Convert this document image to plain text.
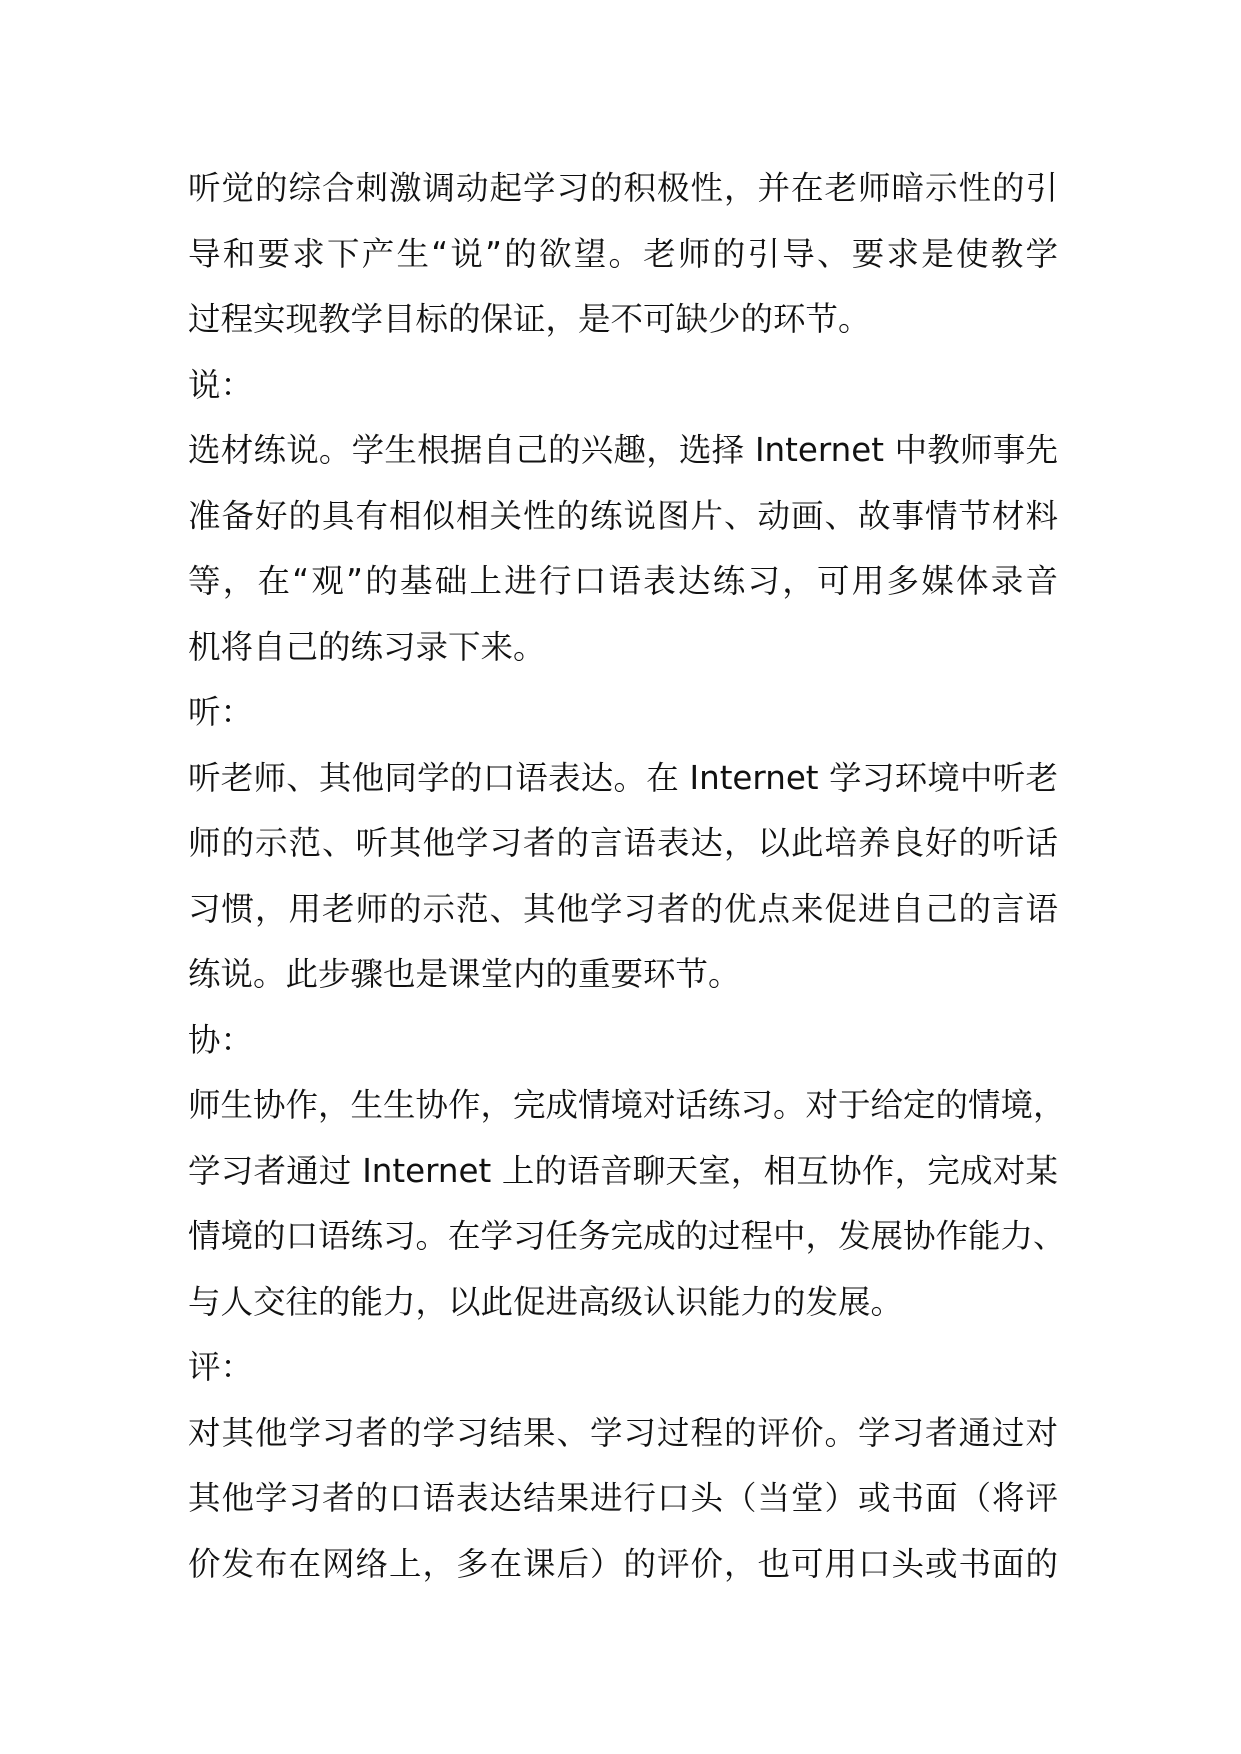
听觉的综合刺激调动起学习的积极性，并在老师暗示性的引
导和要求下产生“说”的欲望。老师的引导、要求是使教学
过程实现教学目标的保证，是不可缺少的环节。
说：
选材练说。学生根据自己的兴趣，选择 Internet 中教师事先
准备好的具有相似相关性的练说图片、动画、故事情节材料
等，在“观”的基础上进行口语表达练习，可用多媒体录音
机将自己的练习录下来。
听：
听老师、其他同学的口语表达。在 Internet 学习环境中听老
师的示范、听其他学习者的言语表达，以此培养良好的听话
习惯，用老师的示范、其他学习者的优点来促进自己的言语
练说。此步骤也是课堂内的重要环节。
协：
师生协作，生生协作，完成情境对话练习。对于给定的情境，
学习者通过 Internet 上的语音聊天室，相互协作，完成对某
情境的口语练习。在学习任务完成的过程中，发展协作能力、
与人交往的能力，以此促进高级认识能力的发展。
评：
对其他学习者的学习结果、学习过程的评价。学习者通过对
其他学习者的口语表达结果进行口头（当堂）或书面（将评
价发布在网络上，多在课后）的评价，也可用口头或书面的
